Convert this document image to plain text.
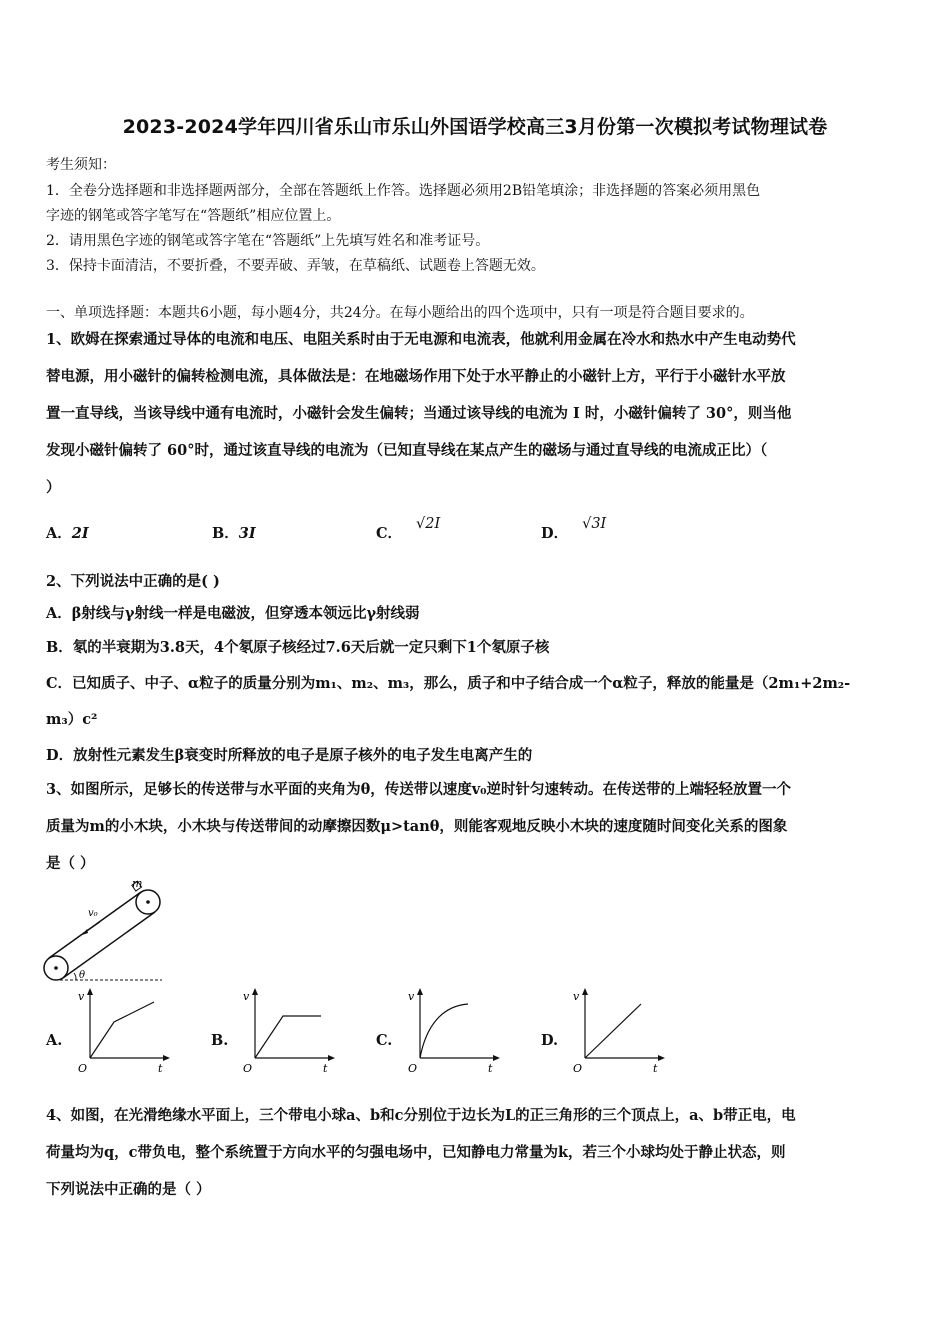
2023-2024学年四川省乐山市乐山外国语学校高三3月份第一次模拟考试物理试卷
考生须知：
1．全卷分选择题和非选择题两部分，全部在答题纸上作答。选择题必须用2B铅笔填涂；非选择题的答案必须用黑色
字迹的钢笔或答字笔写在“答题纸”相应位置上。
2．请用黑色字迹的钢笔或答字笔在“答题纸”上先填写姓名和准考证号。
3．保持卡面清洁，不要折叠，不要弄破、弄皱，在草稿纸、试题卷上答题无效。
一、单项选择题：本题共6小题，每小题4分，共24分。在每小题给出的四个选项中，只有一项是符合题目要求的。
1、欧姆在探索通过导体的电流和电压、电阻关系时由于无电源和电流表，他就利用金属在冷水和热水中产生电动势代
替电源，用小磁针的偏转检测电流，具体做法是：在地磁场作用下处于水平静止的小磁针上方，平行于小磁针水平放
置一直导线，当该导线中通有电流时，小磁针会发生偏转；当通过该导线的电流为 I 时，小磁针偏转了 30°，则当他
发现小磁针偏转了 60°时，通过该直导线的电流为（已知直导线在某点产生的磁场与通过直导线的电流成正比）（
）
A．2I	B．3I	C．√2I
D．√3I
2、下列说法中正确的是( )
A．β射线与γ射线一样是电磁波，但穿透本领远比γ射线弱
B．氡的半衰期为3.8天，4个氡原子核经过7.6天后就一定只剩下1个氡原子核
C．已知质子、中子、α粒子的质量分别为m₁、m₂、m₃，那么，质子和中子结合成一个α粒子，释放的能量是（2m₁+2m₂-
m₃）c²
D．放射性元素发生β衰变时所释放的电子是原子核外的电子发生电离产生的
3、如图所示，足够长的传送带与水平面的夹角为θ，传送带以速度v₀逆时针匀速转动。在传送带的上端轻轻放置一个
质量为m的小木块，小木块与传送带间的动摩擦因数μ>tanθ，则能客观地反映小木块的速度随时间变化关系的图象
是（ ）
m
v₀
θ
A.	B.	C.	D.
v
t
O
v
t
O
v
t
O
v
t
O
4、如图，在光滑绝缘水平面上，三个带电小球a、b和c分别位于边长为L的正三角形的三个顶点上，a、b带正电，电
荷量均为q，c带负电，整个系统置于方向水平的匀强电场中，已知静电力常量为k，若三个小球均处于静止状态，则
下列说法中正确的是（ ）
